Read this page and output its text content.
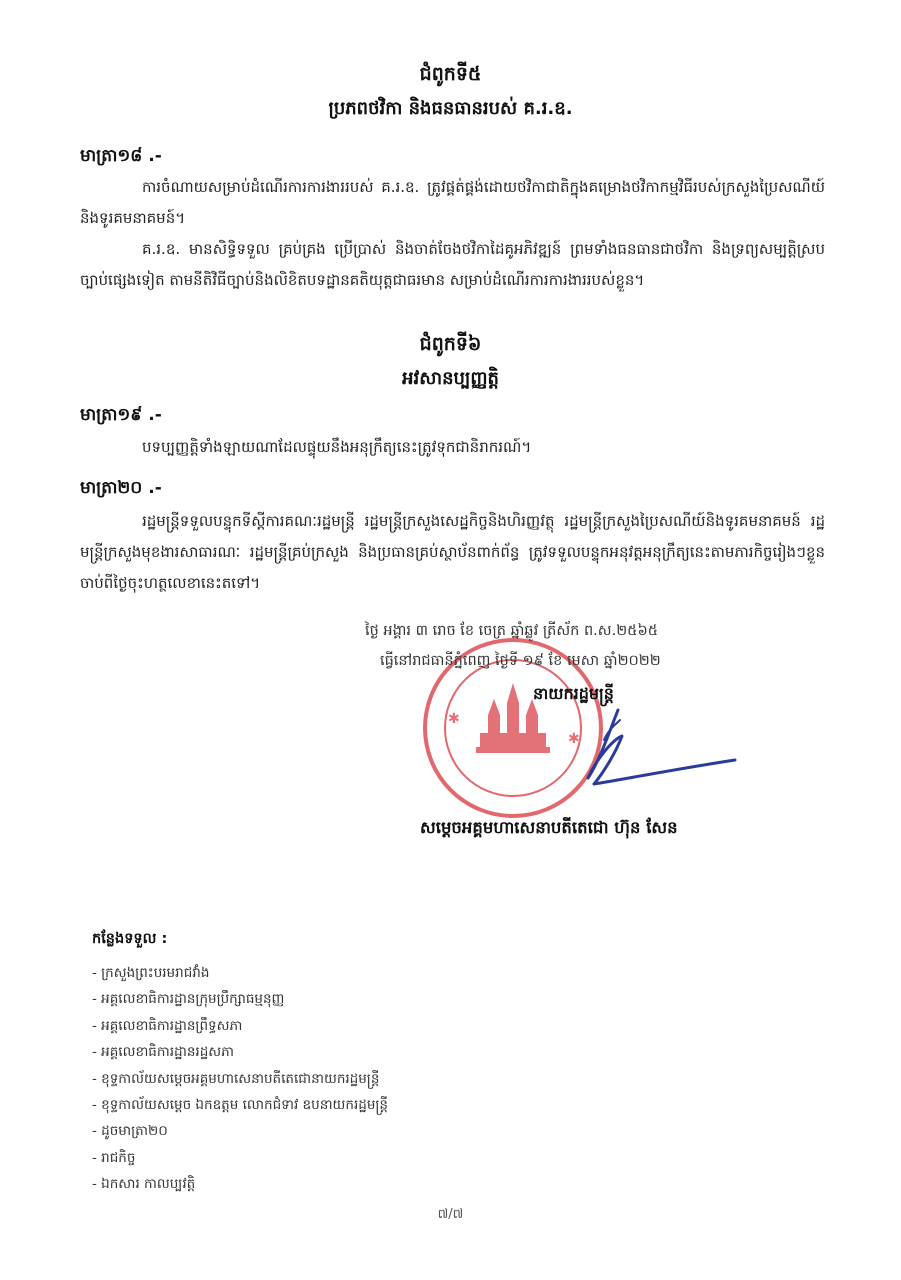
ជំពូកទី៥
ប្រភពថវិកា និងធនធានរបស់ គ.រ.ឧ.
មាត្រា១៨ .-
ការចំណាយសម្រាប់ដំណើរការការងាររបស់ គ.រ.ឧ. ត្រូវផ្គត់ផ្គង់ដោយថវិកាជាតិក្នុងគម្រោងថវិកាកម្មវិធីរបស់ក្រសួងប្រៃសណីយ៍និងទូរគមនាគមន៍។
គ.រ.ឧ. មានសិទ្ធិទទួល គ្រប់គ្រង ប្រើប្រាស់ និងចាត់ចែងថវិកាដៃគូអភិវឌ្ឍន៍ ព្រមទាំងធនធានជាថវិកា និងទ្រព្យសម្បត្តិស្របច្បាប់ផ្សេងទៀត តាមនីតិវិធីច្បាប់និងលិខិតបទដ្ឋានគតិយុត្តជាធរមាន សម្រាប់ដំណើរការការងាររបស់ខ្លួន។
ជំពូកទី៦
អវសានប្បញ្ញត្តិ
មាត្រា១៩ .-
បទប្បញ្ញត្តិទាំងឡាយណាដែលផ្ទុយនឹងអនុក្រឹត្យនេះត្រូវទុកជានិរាករណ៍។
មាត្រា២០ .-
រដ្ឋមន្ត្រីទទួលបន្ទុកទីស្តីការគណៈរដ្ឋមន្ត្រី រដ្ឋមន្ត្រីក្រសួងសេដ្ឋកិច្ចនិងហិរញ្ញវត្ថុ រដ្ឋមន្ត្រីក្រសួងប្រៃសណីយ៍និងទូរគមនាគមន៍ រដ្ឋមន្ត្រីក្រសួងមុខងារសាធារណៈ រដ្ឋមន្ត្រីគ្រប់ក្រសួង និងប្រធានគ្រប់ស្ថាប័នពាក់ព័ន្ធ ត្រូវទទួលបន្ទុកអនុវត្តអនុក្រឹត្យនេះតាមភារកិច្ចរៀងៗខ្លួន ចាប់ពីថ្ងៃចុះហត្ថលេខានេះតទៅ។
✱
✱
ថ្ងៃ អង្គារ ៣ រោច ខែ ចេត្រ ឆ្នាំឆ្លូវ ត្រីស័ក ព.ស.២៥៦៥
ធ្វើនៅរាជធានីភ្នំពេញ ថ្ងៃទី ១៩ ខែ មេសា ឆ្នាំ២០២២
នាយករដ្ឋមន្ត្រី
សម្តេចអគ្គមហាសេនាបតីតេជោ ហ៊ុន សែន
កន្លែងទទួល :
- ក្រសួងព្រះបរមរាជវាំង
- អគ្គលេខាធិការដ្ឋានក្រុមប្រឹក្សាធម្មនុញ្ញ
- អគ្គលេខាធិការដ្ឋានព្រឹទ្ធសភា
- អគ្គលេខាធិការដ្ឋានរដ្ឋសភា
- ខុទ្ទកាល័យសម្តេចអគ្គមហាសេនាបតីតេជោនាយករដ្ឋមន្ត្រី
- ខុទ្ទកាល័យសម្តេច ឯកឧត្តម លោកជំទាវ ឧបនាយករដ្ឋមន្ត្រី
- ដូចមាត្រា២០
- រាជកិច្ច
- ឯកសារ កាលប្បវត្តិ
៧/៧
